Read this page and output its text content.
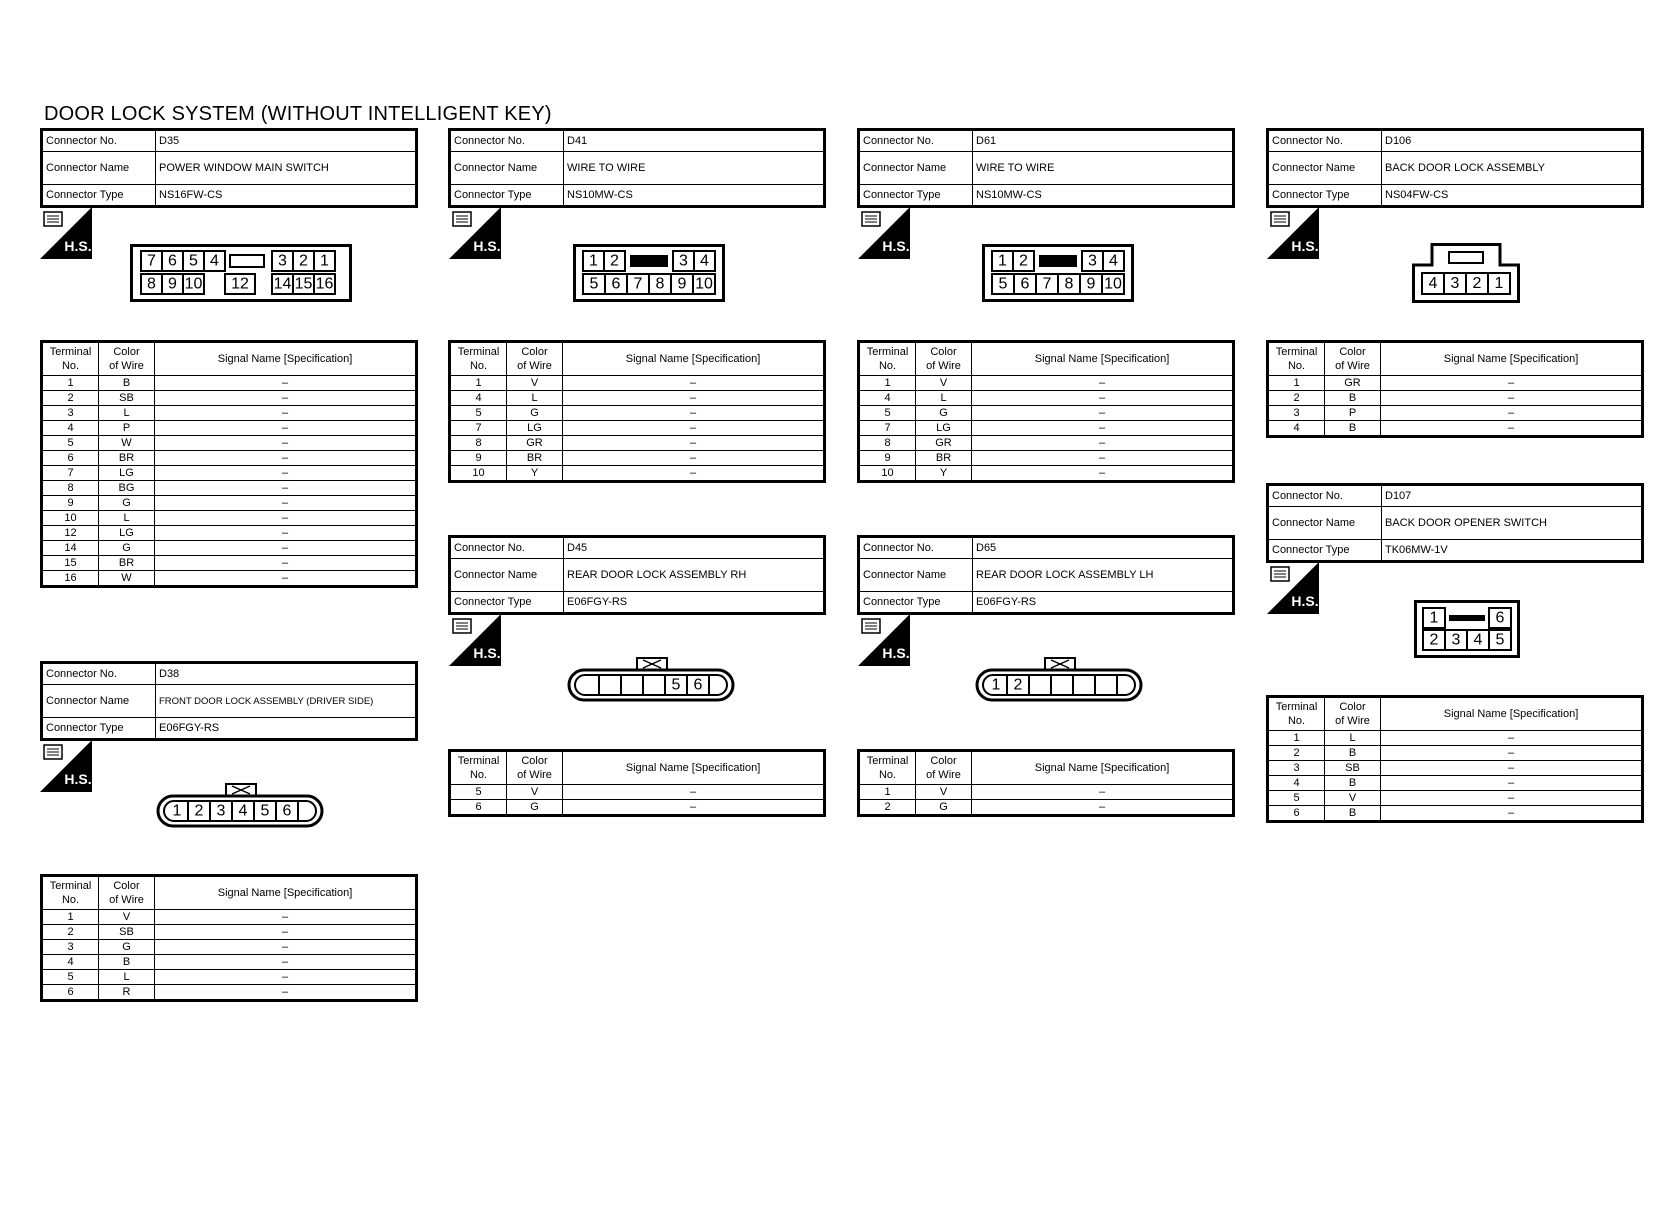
DOOR LOCK SYSTEM (WITHOUT INTELLIGENT KEY)
Connector No.	D35
Connector Name	POWER WINDOW MAIN SWITCH
Connector Type	NS16FW-CS
H.S.
7 6 5 4	3 2 1
8 9 10 12 14 15 16
Terminal
No.	Color
of Wire	Signal Name [Specification]
1	B	–
2	SB	–
3	L	–
4	P	–
5	W	–
6	BR	–
7	LG	–
8	BG	–
9	G	–
10	L	–
12	LG	–
14	G	–
15	BR	–
16	W	–
Connector No.	D38
Connector Name	FRONT DOOR LOCK ASSEMBLY (DRIVER SIDE)
Connector Type	E06FGY-RS
H.S.
1 2 3 4 5 6
Terminal
No.	Color
of Wire	Signal Name [Specification]
1	V	–
2	SB	–
3	G	–
4	B	–
5	L	–
6	R	–
Connector No.	D41
Connector Name	WIRE TO WIRE
Connector Type	NS10MW-CS
H.S.
1 2	3 4
5 6 7 8 9 10
Terminal
No.	Color
of Wire	Signal Name [Specification]
1	V	–
4	L	–
5	G	–
7	LG	–
8	GR	–
9	BR	–
10	Y	–
Connector No.	D45
Connector Name	REAR DOOR LOCK ASSEMBLY RH
Connector Type	E06FGY-RS
H.S.
5 6
Terminal
No.	Color
of Wire	Signal Name [Specification]
5	V	–
6	G	–
Connector No.	D61
Connector Name	WIRE TO WIRE
Connector Type	NS10MW-CS
H.S.
1 2	3 4
5 6 7 8 9 10
Terminal
No.	Color
of Wire	Signal Name [Specification]
1	V	–
4	L	–
5	G	–
7	LG	–
8	GR	–
9	BR	–
10	Y	–
Connector No.	D65
Connector Name	REAR DOOR LOCK ASSEMBLY LH
Connector Type	E06FGY-RS
H.S.
1 2
Terminal
No.	Color
of Wire	Signal Name [Specification]
1	V	–
2	G	–
Connector No.	D106
Connector Name	BACK DOOR LOCK ASSEMBLY
Connector Type	NS04FW-CS
H.S.
4 3 2 1
Terminal
No.	Color
of Wire	Signal Name [Specification]
1	GR	–
2	B	–
3	P	–
4	B	–
Connector No.	D107
Connector Name	BACK DOOR OPENER SWITCH
Connector Type	TK06MW-1V
H.S.
1	6
2 3 4 5
Terminal
No.	Color
of Wire	Signal Name [Specification]
1	L	–
2	B	–
3	SB	–
4	B	–
5	V	–
6	B	–
